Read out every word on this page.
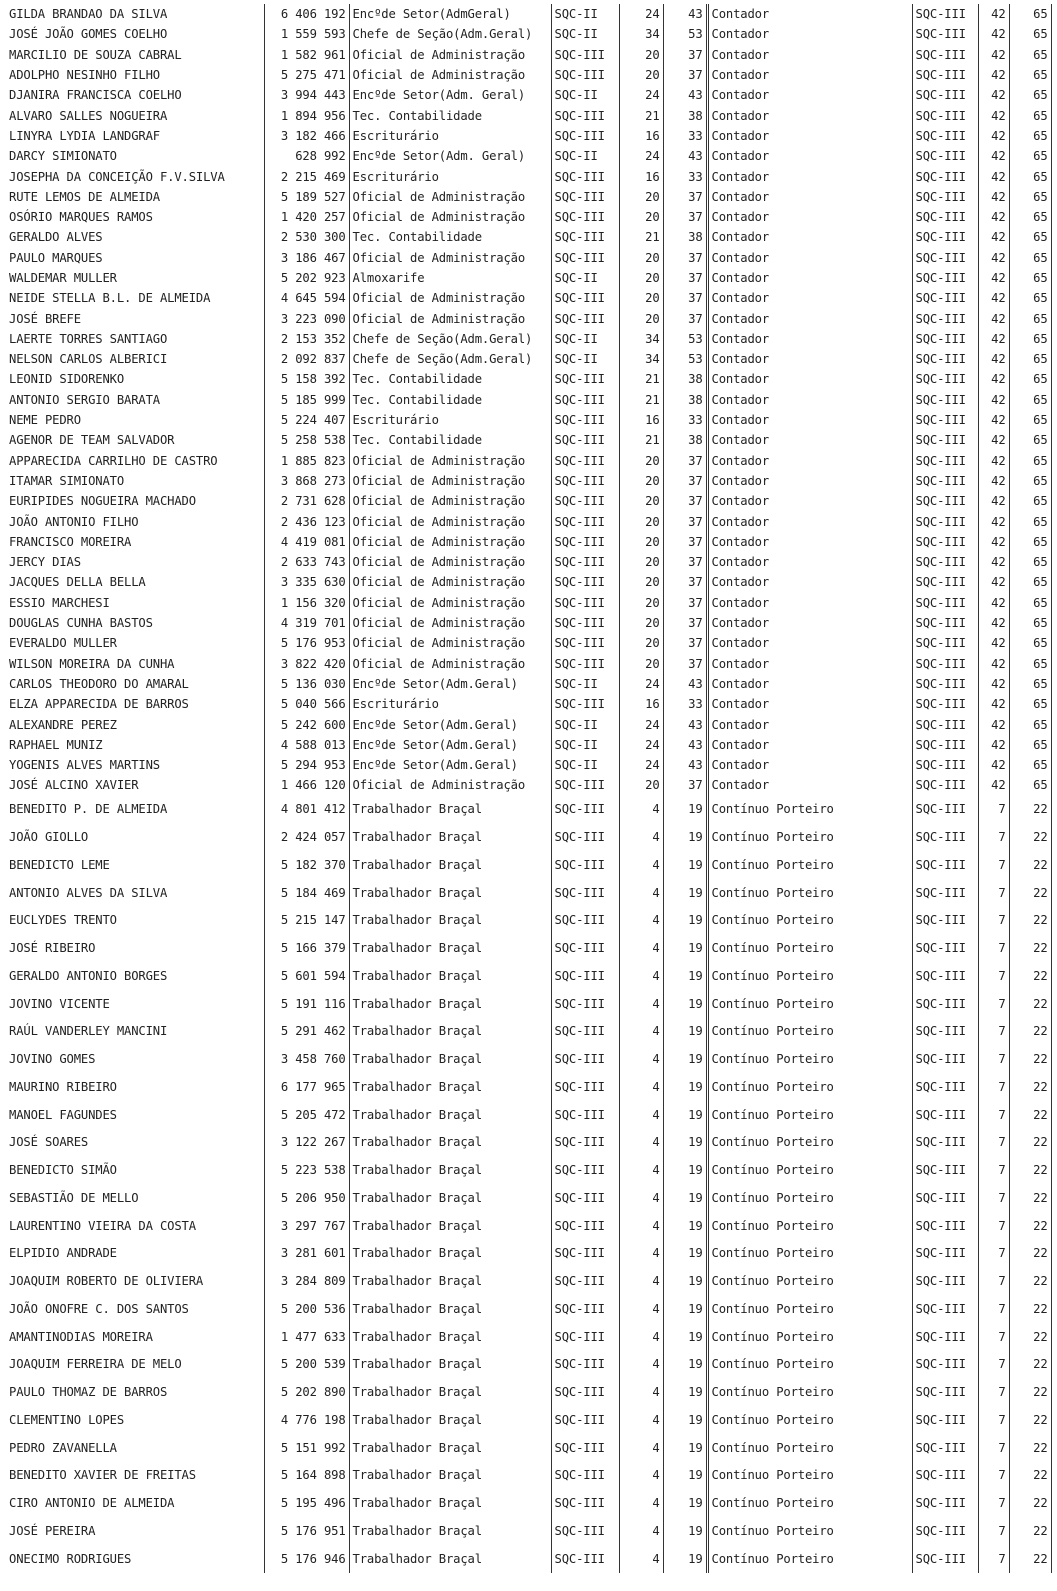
GILDA BRANDAO DA SILVA	6 406 192	Encºde Setor(AdmGeral)	SQC-II	24	43	Contador	SQC-III	42	65
JOSÉ JOÃO GOMES COELHO	1 559 593	Chefe de Seção(Adm.Geral)	SQC-II	34	53	Contador	SQC-III	42	65
MARCILIO DE SOUZA CABRAL	1 582 961	Oficial de Administração	SQC-III	20	37	Contador	SQC-III	42	65
ADOLPHO NESINHO FILHO	5 275 471	Oficial de Administração	SQC-III	20	37	Contador	SQC-III	42	65
DJANIRA FRANCISCA COELHO	3 994 443	Encºde Setor(Adm. Geral)	SQC-II	24	43	Contador	SQC-III	42	65
ALVARO SALLES NOGUEIRA	1 894 956	Tec. Contabilidade	SQC-III	21	38	Contador	SQC-III	42	65
LINYRA LYDIA LANDGRAF	3 182 466	Escriturário	SQC-III	16	33	Contador	SQC-III	42	65
DARCY SIMIONATO	628 992	Encºde Setor(Adm. Geral)	SQC-II	24	43	Contador	SQC-III	42	65
JOSEPHA DA CONCEIÇÃO F.V.SILVA	2 215 469	Escriturário	SQC-III	16	33	Contador	SQC-III	42	65
RUTE LEMOS DE ALMEIDA	5 189 527	Oficial de Administração	SQC-III	20	37	Contador	SQC-III	42	65
OSÓRIO MARQUES RAMOS	1 420 257	Oficial de Administração	SQC-III	20	37	Contador	SQC-III	42	65
GERALDO ALVES	2 530 300	Tec. Contabilidade	SQC-III	21	38	Contador	SQC-III	42	65
PAULO MARQUES	3 186 467	Oficial de Administração	SQC-III	20	37	Contador	SQC-III	42	65
WALDEMAR MULLER	5 202 923	Almoxarife	SQC-II	20	37	Contador	SQC-III	42	65
NEIDE STELLA B.L. DE ALMEIDA	4 645 594	Oficial de Administração	SQC-III	20	37	Contador	SQC-III	42	65
JOSÉ BREFE	3 223 090	Oficial de Administração	SQC-III	20	37	Contador	SQC-III	42	65
LAERTE TORRES SANTIAGO	2 153 352	Chefe de Seção(Adm.Geral)	SQC-II	34	53	Contador	SQC-III	42	65
NELSON CARLOS ALBERICI	2 092 837	Chefe de Seção(Adm.Geral)	SQC-II	34	53	Contador	SQC-III	42	65
LEONID SIDORENKO	5 158 392	Tec. Contabilidade	SQC-III	21	38	Contador	SQC-III	42	65
ANTONIO SERGIO BARATA	5 185 999	Tec. Contabilidade	SQC-III	21	38	Contador	SQC-III	42	65
NEME PEDRO	5 224 407	Escriturário	SQC-III	16	33	Contador	SQC-III	42	65
AGENOR DE TEAM SALVADOR	5 258 538	Tec. Contabilidade	SQC-III	21	38	Contador	SQC-III	42	65
APPARECIDA CARRILHO DE CASTRO	1 885 823	Oficial de Administração	SQC-III	20	37	Contador	SQC-III	42	65
ITAMAR SIMIONATO	3 868 273	Oficial de Administração	SQC-III	20	37	Contador	SQC-III	42	65
EURIPIDES NOGUEIRA MACHADO	2 731 628	Oficial de Administração	SQC-III	20	37	Contador	SQC-III	42	65
JOÃO ANTONIO FILHO	2 436 123	Oficial de Administração	SQC-III	20	37	Contador	SQC-III	42	65
FRANCISCO MOREIRA	4 419 081	Oficial de Administração	SQC-III	20	37	Contador	SQC-III	42	65
JERCY DIAS	2 633 743	Oficial de Administração	SQC-III	20	37	Contador	SQC-III	42	65
JACQUES DELLA BELLA	3 335 630	Oficial de Administração	SQC-III	20	37	Contador	SQC-III	42	65
ESSIO MARCHESI	1 156 320	Oficial de Administração	SQC-III	20	37	Contador	SQC-III	42	65
DOUGLAS CUNHA BASTOS	4 319 701	Oficial de Administração	SQC-III	20	37	Contador	SQC-III	42	65
EVERALDO MULLER	5 176 953	Oficial de Administração	SQC-III	20	37	Contador	SQC-III	42	65
WILSON MOREIRA DA CUNHA	3 822 420	Oficial de Administração	SQC-III	20	37	Contador	SQC-III	42	65
CARLOS THEODORO DO AMARAL	5 136 030	Encºde Setor(Adm.Geral)	SQC-II	24	43	Contador	SQC-III	42	65
ELZA APPARECIDA DE BARROS	5 040 566	Escriturário	SQC-III	16	33	Contador	SQC-III	42	65
ALEXANDRE PEREZ	5 242 600	Encºde Setor(Adm.Geral)	SQC-II	24	43	Contador	SQC-III	42	65
RAPHAEL MUNIZ	4 588 013	Encºde Setor(Adm.Geral)	SQC-II	24	43	Contador	SQC-III	42	65
YOGENIS ALVES MARTINS	5 294 953	Encºde Setor(Adm.Geral)	SQC-II	24	43	Contador	SQC-III	42	65
JOSÉ ALCINO XAVIER	1 466 120	Oficial de Administração	SQC-III	20	37	Contador	SQC-III	42	65
BENEDITO P. DE ALMEIDA	4 801 412	Trabalhador Braçal	SQC-III	4	19	Contínuo Porteiro	SQC-III	7	22
JOÃO GIOLLO	2 424 057	Trabalhador Braçal	SQC-III	4	19	Contínuo Porteiro	SQC-III	7	22
BENEDICTO LEME	5 182 370	Trabalhador Braçal	SQC-III	4	19	Contínuo Porteiro	SQC-III	7	22
ANTONIO ALVES DA SILVA	5 184 469	Trabalhador Braçal	SQC-III	4	19	Contínuo Porteiro	SQC-III	7	22
EUCLYDES TRENTO	5 215 147	Trabalhador Braçal	SQC-III	4	19	Contínuo Porteiro	SQC-III	7	22
JOSÉ RIBEIRO	5 166 379	Trabalhador Braçal	SQC-III	4	19	Contínuo Porteiro	SQC-III	7	22
GERALDO ANTONIO BORGES	5 601 594	Trabalhador Braçal	SQC-III	4	19	Contínuo Porteiro	SQC-III	7	22
JOVINO VICENTE	5 191 116	Trabalhador Braçal	SQC-III	4	19	Contínuo Porteiro	SQC-III	7	22
RAÚL VANDERLEY MANCINI	5 291 462	Trabalhador Braçal	SQC-III	4	19	Contínuo Porteiro	SQC-III	7	22
JOVINO GOMES	3 458 760	Trabalhador Braçal	SQC-III	4	19	Contínuo Porteiro	SQC-III	7	22
MAURINO RIBEIRO	6 177 965	Trabalhador Braçal	SQC-III	4	19	Contínuo Porteiro	SQC-III	7	22
MANOEL FAGUNDES	5 205 472	Trabalhador Braçal	SQC-III	4	19	Contínuo Porteiro	SQC-III	7	22
JOSÉ SOARES	3 122 267	Trabalhador Braçal	SQC-III	4	19	Contínuo Porteiro	SQC-III	7	22
BENEDICTO SIMÃO	5 223 538	Trabalhador Braçal	SQC-III	4	19	Contínuo Porteiro	SQC-III	7	22
SEBASTIÃO DE MELLO	5 206 950	Trabalhador Braçal	SQC-III	4	19	Contínuo Porteiro	SQC-III	7	22
LAURENTINO VIEIRA DA COSTA	3 297 767	Trabalhador Braçal	SQC-III	4	19	Contínuo Porteiro	SQC-III	7	22
ELPIDIO ANDRADE	3 281 601	Trabalhador Braçal	SQC-III	4	19	Contínuo Porteiro	SQC-III	7	22
JOAQUIM ROBERTO DE OLIVIERA	3 284 809	Trabalhador Braçal	SQC-III	4	19	Contínuo Porteiro	SQC-III	7	22
JOÃO ONOFRE C. DOS SANTOS	5 200 536	Trabalhador Braçal	SQC-III	4	19	Contínuo Porteiro	SQC-III	7	22
AMANTINODIAS MOREIRA	1 477 633	Trabalhador Braçal	SQC-III	4	19	Contínuo Porteiro	SQC-III	7	22
JOAQUIM FERREIRA DE MELO	5 200 539	Trabalhador Braçal	SQC-III	4	19	Contínuo Porteiro	SQC-III	7	22
PAULO THOMAZ DE BARROS	5 202 890	Trabalhador Braçal	SQC-III	4	19	Contínuo Porteiro	SQC-III	7	22
CLEMENTINO LOPES	4 776 198	Trabalhador Braçal	SQC-III	4	19	Contínuo Porteiro	SQC-III	7	22
PEDRO ZAVANELLA	5 151 992	Trabalhador Braçal	SQC-III	4	19	Contínuo Porteiro	SQC-III	7	22
BENEDITO XAVIER DE FREITAS	5 164 898	Trabalhador Braçal	SQC-III	4	19	Contínuo Porteiro	SQC-III	7	22
CIRO ANTONIO DE ALMEIDA	5 195 496	Trabalhador Braçal	SQC-III	4	19	Contínuo Porteiro	SQC-III	7	22
JOSÉ PEREIRA	5 176 951	Trabalhador Braçal	SQC-III	4	19	Contínuo Porteiro	SQC-III	7	22
ONECIMO RODRIGUES	5 176 946	Trabalhador Braçal	SQC-III	4	19	Contínuo Porteiro	SQC-III	7	22
